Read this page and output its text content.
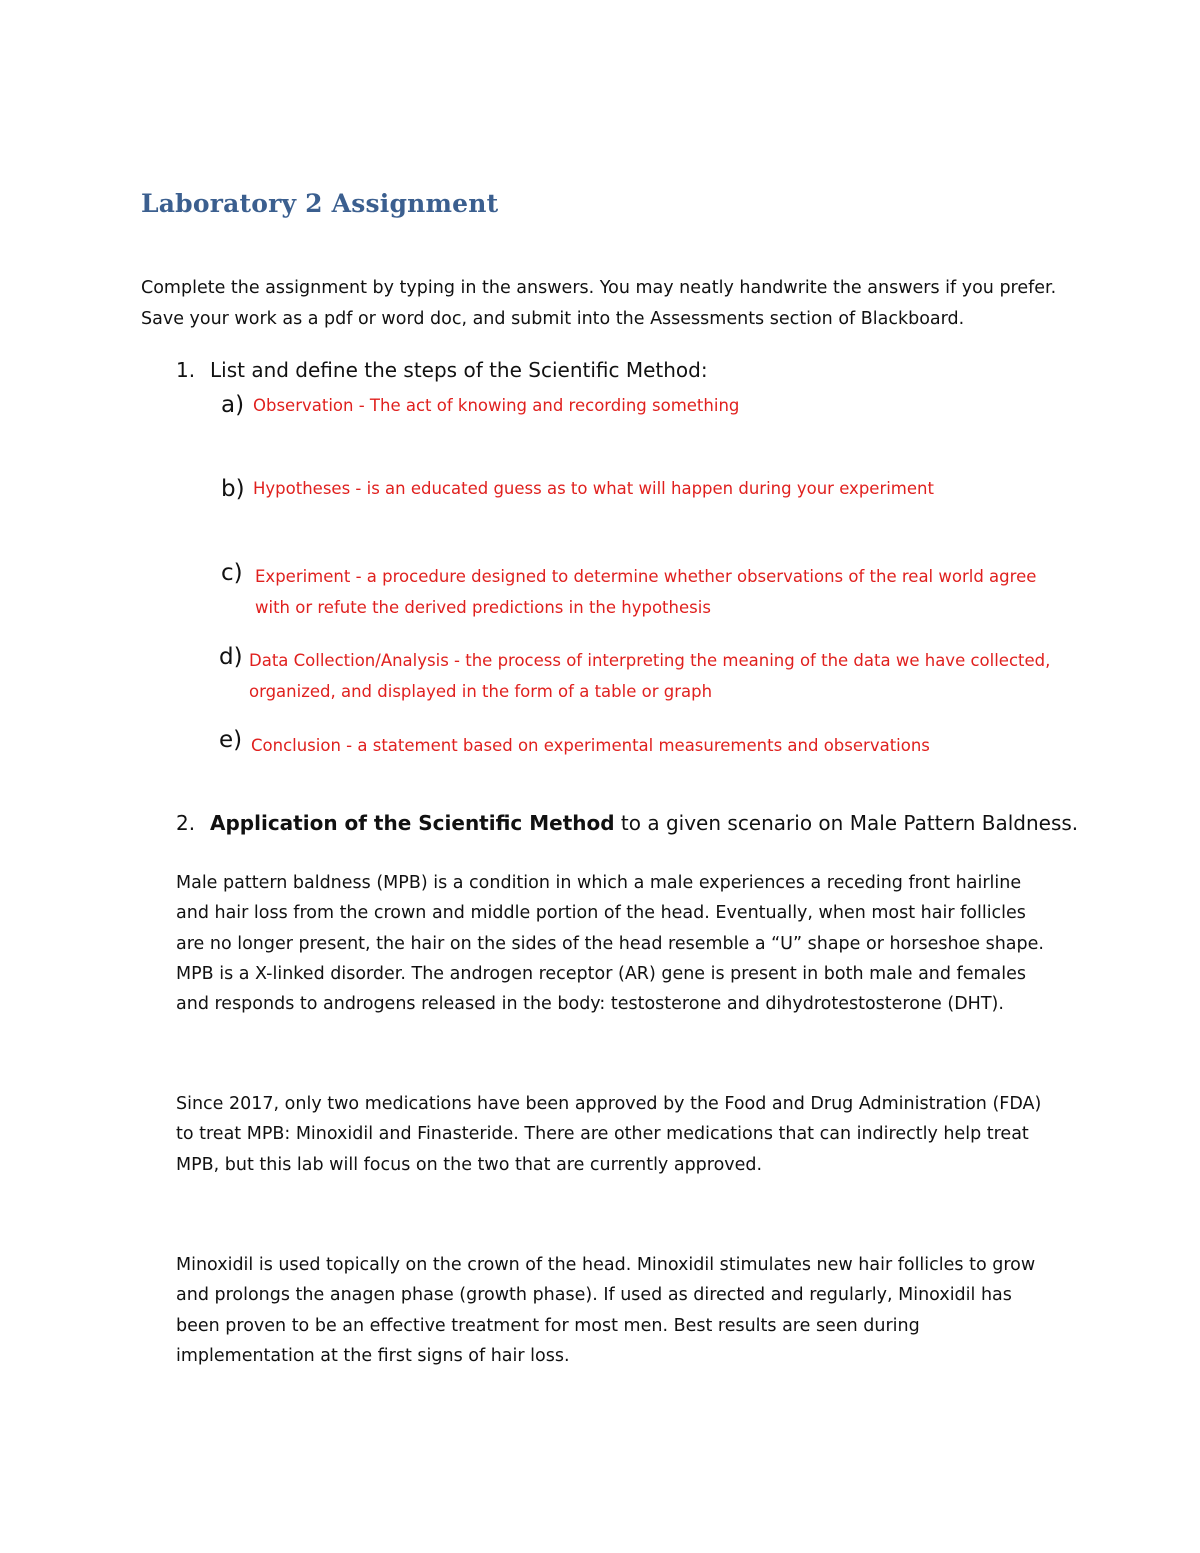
Laboratory 2 Assignment
Complete the assignment by typing in the answers. You may neatly handwrite the answers if you prefer.
Save your work as a pdf or word doc, and submit into the Assessments section of Blackboard.
1. List and define the steps of the Scientific Method:
a) Observation - The act of knowing and recording something
b) Hypotheses - is an educated guess as to what will happen during your experiment
c) Experiment - a procedure designed to determine whether observations of the real world agree
with or refute the derived predictions in the hypothesis
d) Data Collection/Analysis - the process of interpreting the meaning of the data we have collected,
organized, and displayed in the form of a table or graph
e) Conclusion - a statement based on experimental measurements and observations
2. Application of the Scientific Method to a given scenario on Male Pattern Baldness.
Male pattern baldness (MPB) is a condition in which a male experiences a receding front hairline and hair loss from the crown and middle portion of the head. Eventually, when most hair follicles are no longer present, the hair on the sides of the head resemble a “U” shape or horseshoe shape. MPB is a X-linked disorder. The androgen receptor (AR) gene is present in both male and females and responds to androgens released in the body: testosterone and dihydrotestosterone (DHT).
Since 2017, only two medications have been approved by the Food and Drug Administration (FDA) to treat MPB: Minoxidil and Finasteride. There are other medications that can indirectly help treat MPB, but this lab will focus on the two that are currently approved.
Minoxidil is used topically on the crown of the head. Minoxidil stimulates new hair follicles to grow and prolongs the anagen phase (growth phase). If used as directed and regularly, Minoxidil has been proven to be an effective treatment for most men. Best results are seen during implementation at the first signs of hair loss.
